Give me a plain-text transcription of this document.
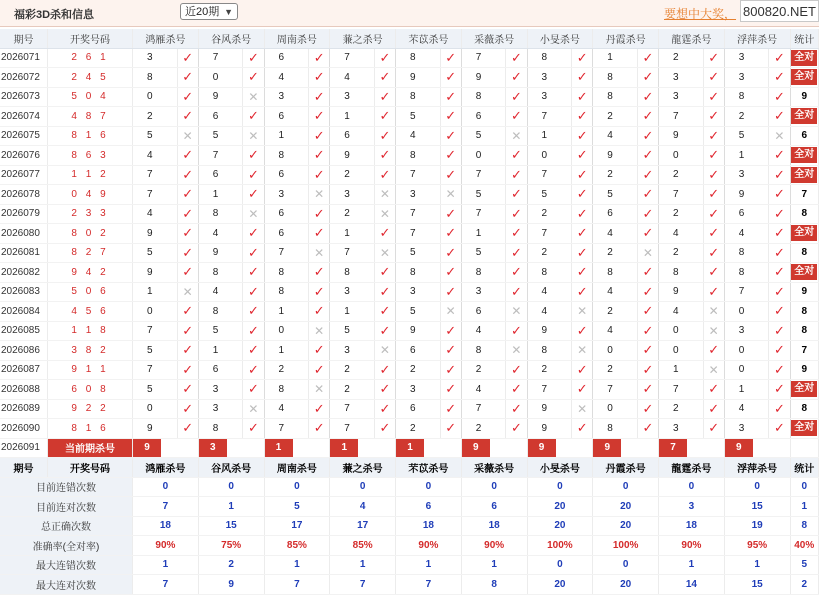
福彩3D杀和信息	近20期 ▼	要想中大奖， 800820.NET
期号	开奖号码	鸿雁杀号		谷风杀号		周南杀号		蒹之杀号		芣苡杀号		采薇杀号		小旻杀号		丹霞杀号		龍霆杀号		浮萍杀号		统计
2026071	2 6 1	3	✓	7	✓	6	✓	7	✓	8	✓	7	✓	8	✓	1	✓	2	✓	3	✓	全对
2026072	2 4 5	8	✓	0	✓	4	✓	4	✓	9	✓	9	✓	3	✓	8	✓	3	✓	3	✓	全对
2026073	5 0 4	0	✓	9	✕	3	✓	3	✓	8	✓	8	✓	3	✓	8	✓	3	✓	8	✓	9
2026074	4 8 7	2	✓	6	✓	6	✓	1	✓	5	✓	6	✓	7	✓	2	✓	7	✓	2	✓	全对
2026075	8 1 6	5	✕	5	✕	1	✓	6	✓	4	✓	5	✕	1	✓	4	✓	9	✓	5	✕	6
2026076	8 6 3	4	✓	7	✓	8	✓	9	✓	8	✓	0	✓	0	✓	9	✓	0	✓	1	✓	全对
2026077	1 1 2	7	✓	6	✓	6	✓	2	✓	7	✓	7	✓	7	✓	2	✓	2	✓	3	✓	全对
2026078	0 4 9	7	✓	1	✓	3	✕	3	✕	3	✕	5	✓	5	✓	5	✓	7	✓	9	✓	7
2026079	2 3 3	4	✓	8	✕	6	✓	2	✕	7	✓	7	✓	2	✓	6	✓	2	✓	6	✓	8
2026080	8 0 2	9	✓	4	✓	6	✓	1	✓	7	✓	1	✓	7	✓	4	✓	4	✓	4	✓	全对
2026081	8 2 7	5	✓	9	✓	7	✕	7	✕	5	✓	5	✓	2	✓	2	✕	2	✓	8	✓	8
2026082	9 4 2	9	✓	8	✓	8	✓	8	✓	8	✓	8	✓	8	✓	8	✓	8	✓	8	✓	全对
2026083	5 0 6	1	✕	4	✓	8	✓	3	✓	3	✓	3	✓	4	✓	4	✓	9	✓	7	✓	9
2026084	4 5 6	0	✓	8	✓	1	✓	1	✓	5	✕	6	✕	4	✕	2	✓	4	✕	0	✓	8
2026085	1 1 8	7	✓	5	✓	0	✕	5	✓	9	✓	4	✓	9	✓	4	✓	0	✕	3	✓	8
2026086	3 8 2	5	✓	1	✓	1	✓	3	✕	6	✓	8	✕	8	✕	0	✓	0	✓	0	✓	7
2026087	9 1 1	7	✓	6	✓	2	✓	2	✓	2	✓	2	✓	2	✓	2	✓	1	✕	0	✓	9
2026088	6 0 8	5	✓	3	✓	8	✕	2	✓	3	✓	4	✓	7	✓	7	✓	7	✓	1	✓	全对
2026089	9 2 2	0	✓	3	✕	4	✓	7	✓	6	✓	7	✓	9	✕	0	✓	2	✓	4	✓	8
2026090	8 1 6	9	✓	8	✓	7	✓	7	✓	2	✓	2	✓	9	✓	8	✓	3	✓	3	✓	全对
2026091	当前期杀号	9		3		1		1		1		9		9		9		7		9		
期号	开奖号码	鸿雁杀号		谷风杀号		周南杀号		蒹之杀号		芣苡杀号		采薇杀号		小旻杀号		丹霞杀号		龍霆杀号		浮萍杀号		统计
目前连错次数		0		0		0		0		0		0		0		0		0		0		0
目前连对次数		7		1		5		4		6		6		20		20		3		15		1
总正确次数		18		15		17		17		18		18		20		20		18		19		8
准确率(全对率)		90%		75%		85%		85%		90%		90%		100%		100%		90%		95%		40%
最大连错次数		1		2		1		1		1		1		0		0		1		1		5
最大连对次数		7		9		7		7		7		8		20		20		14		15		2
